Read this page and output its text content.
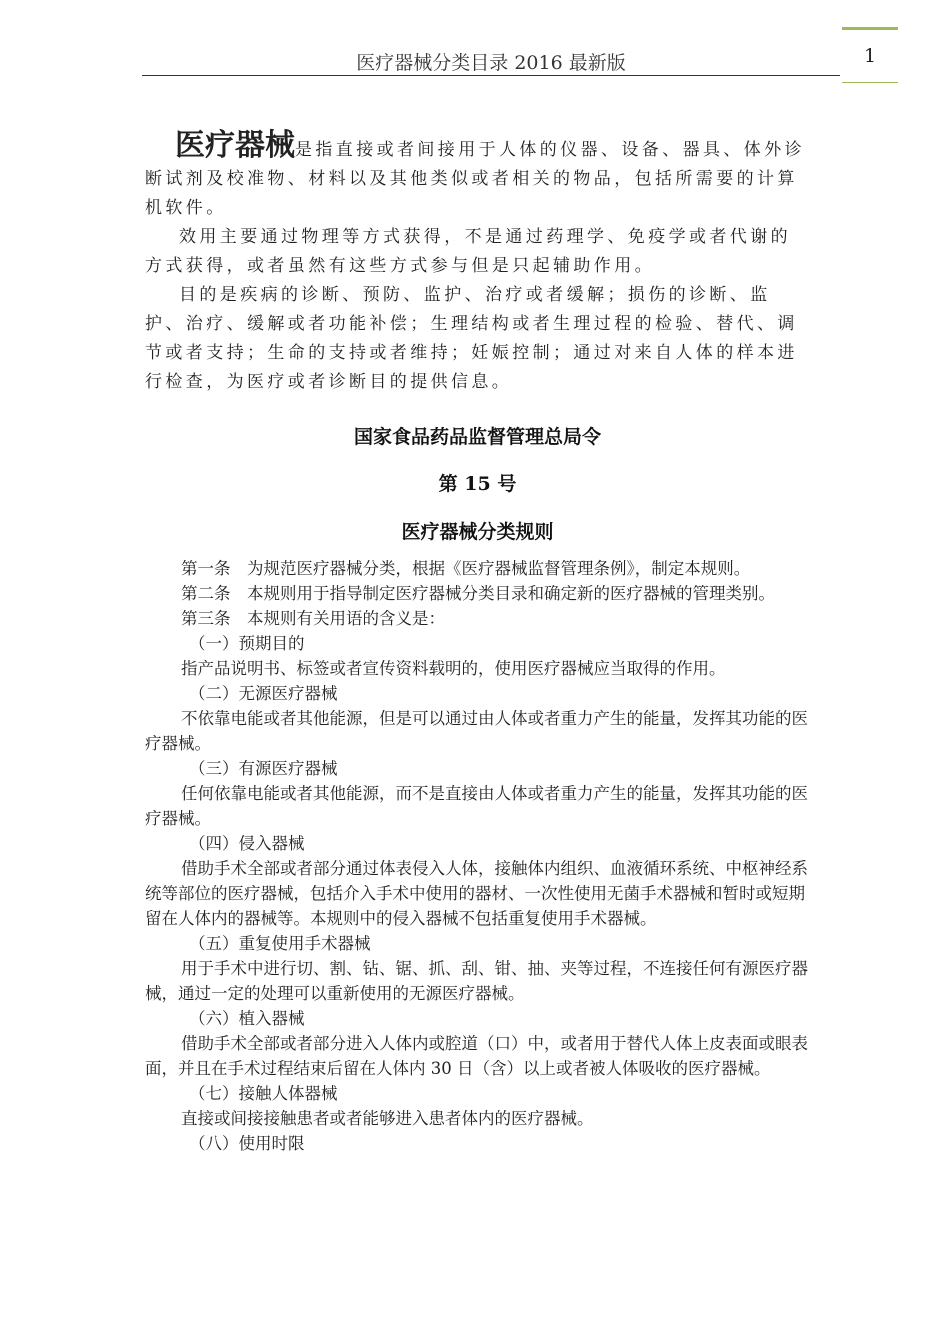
医疗器械分类目录 2016 最新版	1

医疗器械是指直接或者间接用于人体的仪器、设备、器具、体外诊断试剂及校准物、材料以及其他类似或者相关的物品，包括所需要的计算机软件。

效用主要通过物理等方式获得，不是通过药理学、免疫学或者代谢的方式获得，或者虽然有这些方式参与但是只起辅助作用。

目的是疾病的诊断、预防、监护、治疗或者缓解；损伤的诊断、监护、治疗、缓解或者功能补偿；生理结构或者生理过程的检验、替代、调节或者支持；生命的支持或者维持；妊娠控制；通过对来自人体的样本进行检查，为医疗或者诊断目的提供信息。

国家食品药品监督管理总局令
第 15 号
医疗器械分类规则

第一条　为规范医疗器械分类，根据《医疗器械监督管理条例》，制定本规则。

第二条　本规则用于指导制定医疗器械分类目录和确定新的医疗器械的管理类别。

第三条　本规则有关用语的含义是：

（一）预期目的

指产品说明书、标签或者宣传资料载明的，使用医疗器械应当取得的作用。

（二）无源医疗器械

不依靠电能或者其他能源，但是可以通过由人体或者重力产生的能量，发挥其功能的医疗器械。

（三）有源医疗器械

任何依靠电能或者其他能源，而不是直接由人体或者重力产生的能量，发挥其功能的医疗器械。

（四）侵入器械

借助手术全部或者部分通过体表侵入人体，接触体内组织、血液循环系统、中枢神经系统等部位的医疗器械，包括介入手术中使用的器材、一次性使用无菌手术器械和暂时或短期留在人体内的器械等。本规则中的侵入器械不包括重复使用手术器械。

（五）重复使用手术器械

用于手术中进行切、割、钻、锯、抓、刮、钳、抽、夹等过程，不连接任何有源医疗器械，通过一定的处理可以重新使用的无源医疗器械。

（六）植入器械

借助手术全部或者部分进入人体内或腔道（口）中，或者用于替代人体上皮表面或眼表面，并且在手术过程结束后留在人体内 30 日（含）以上或者被人体吸收的医疗器械。

（七）接触人体器械

直接或间接接触患者或者能够进入患者体内的医疗器械。

（八）使用时限
